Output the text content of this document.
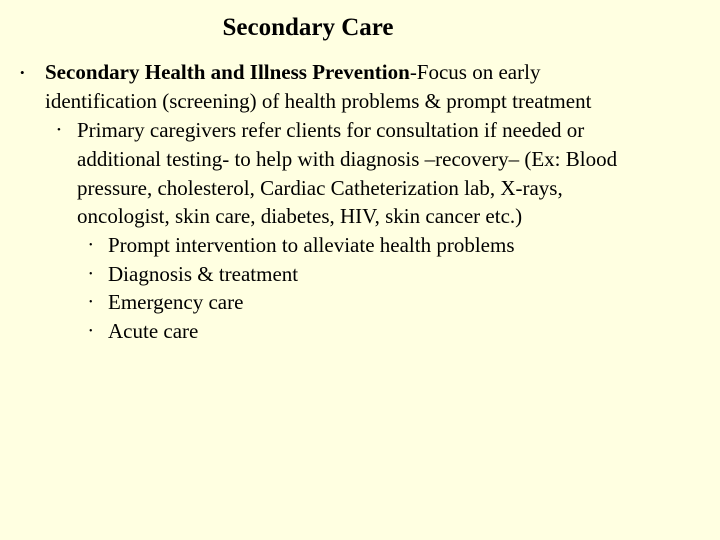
Secondary Care
• Secondary Health and Illness Prevention-Focus on early
identification (screening) of health problems & prompt treatment
• Primary caregivers refer clients for consultation if needed or
additional testing- to help with diagnosis –recovery– (Ex: Blood
pressure, cholesterol, Cardiac Catheterization lab, X-rays,
oncologist, skin care, diabetes, HIV, skin cancer etc.)
• Prompt intervention to alleviate health problems
• Diagnosis & treatment
• Emergency care
• Acute care
